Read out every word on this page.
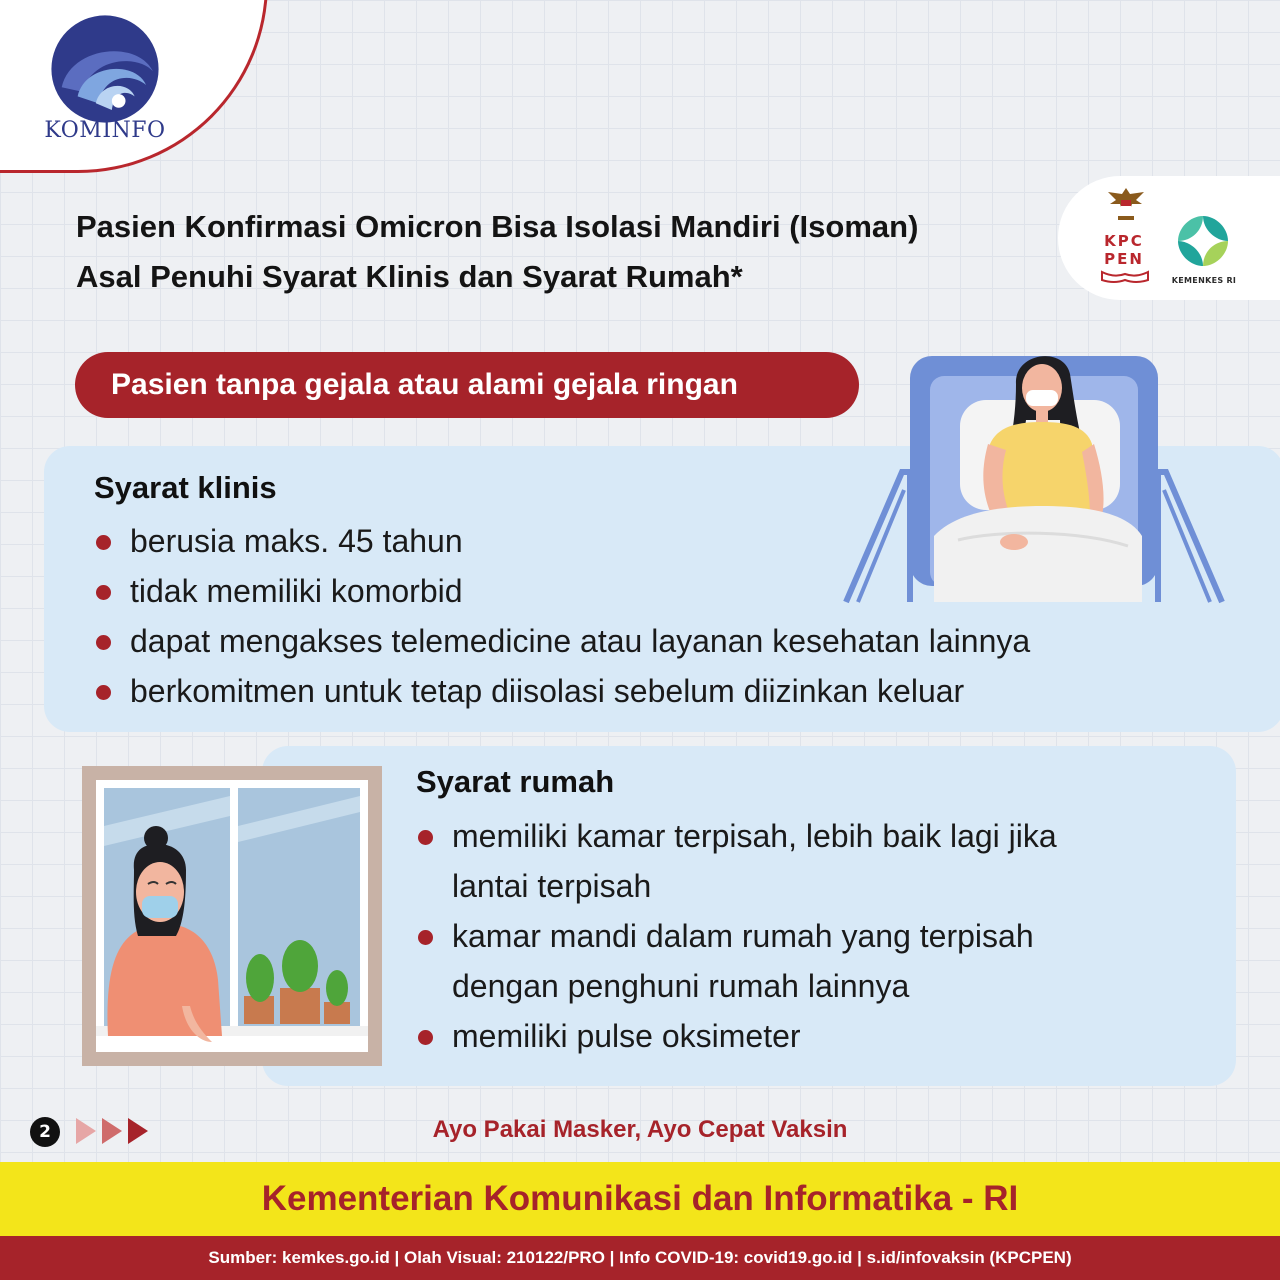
KOMINFO
KPC
PEN
KEMENKES RI
Pasien Konfirmasi Omicron Bisa Isolasi Mandiri (Isoman)
Asal Penuhi Syarat Klinis dan Syarat Rumah*
Pasien tanpa gejala atau alami gejala ringan
Syarat klinis
berusia maks. 45 tahun
tidak memiliki komorbid
dapat mengakses telemedicine atau layanan kesehatan lainnya
berkomitmen untuk tetap diisolasi sebelum diizinkan keluar
Syarat rumah
memiliki kamar terpisah, lebih baik lagi jika lantai terpisah
kamar mandi dalam rumah yang terpisah dengan penghuni rumah lainnya
memiliki pulse oksimeter
2	Ayo Pakai Masker, Ayo Cepat Vaksin
Kementerian Komunikasi dan Informatika - RI
Sumber: kemkes.go.id | Olah Visual: 210122/PRO | Info COVID-19: covid19.go.id | s.id/infovaksin (KPCPEN)
